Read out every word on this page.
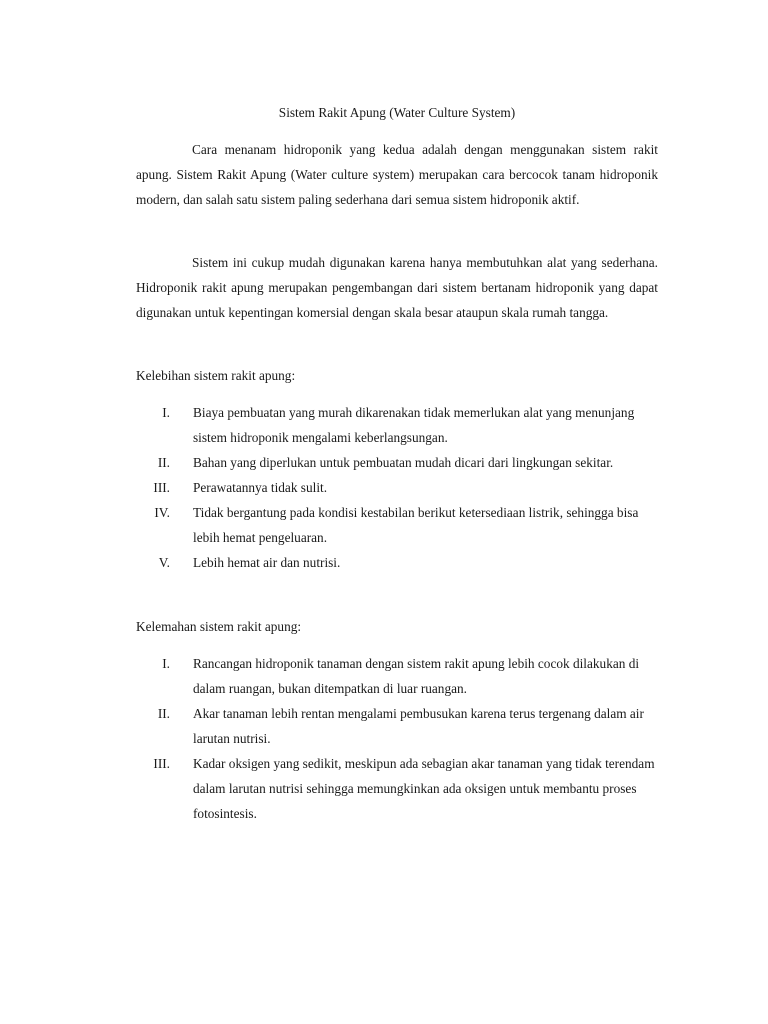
Sistem Rakit Apung (Water Culture System)

Cara menanam hidroponik yang kedua adalah dengan menggunakan sistem rakit apung. Sistem Rakit Apung (Water culture system) merupakan cara bercocok tanam hidroponik modern, dan salah satu sistem paling sederhana dari semua sistem hidroponik aktif.

Sistem ini cukup mudah digunakan karena hanya membutuhkan alat yang sederhana. Hidroponik rakit apung merupakan pengembangan dari sistem bertanam hidroponik yang dapat digunakan untuk kepentingan komersial dengan skala besar ataupun skala rumah tangga.

Kelebihan sistem rakit apung:

I. Biaya pembuatan yang murah dikarenakan tidak memerlukan alat yang menunjang sistem hidroponik mengalami keberlangsungan.
II. Bahan yang diperlukan untuk pembuatan mudah dicari dari lingkungan sekitar.
III. Perawatannya tidak sulit.
IV. Tidak bergantung pada kondisi kestabilan berikut ketersediaan listrik, sehingga bisa lebih hemat pengeluaran.
V. Lebih hemat air dan nutrisi.

Kelemahan sistem rakit apung:

I. Rancangan hidroponik tanaman dengan sistem rakit apung lebih cocok dilakukan di dalam ruangan, bukan ditempatkan di luar ruangan.
II. Akar tanaman lebih rentan mengalami pembusukan karena terus tergenang dalam air larutan nutrisi.
III. Kadar oksigen yang sedikit, meskipun ada sebagian akar tanaman yang tidak terendam dalam larutan nutrisi sehingga memungkinkan ada oksigen untuk membantu proses fotosintesis.
